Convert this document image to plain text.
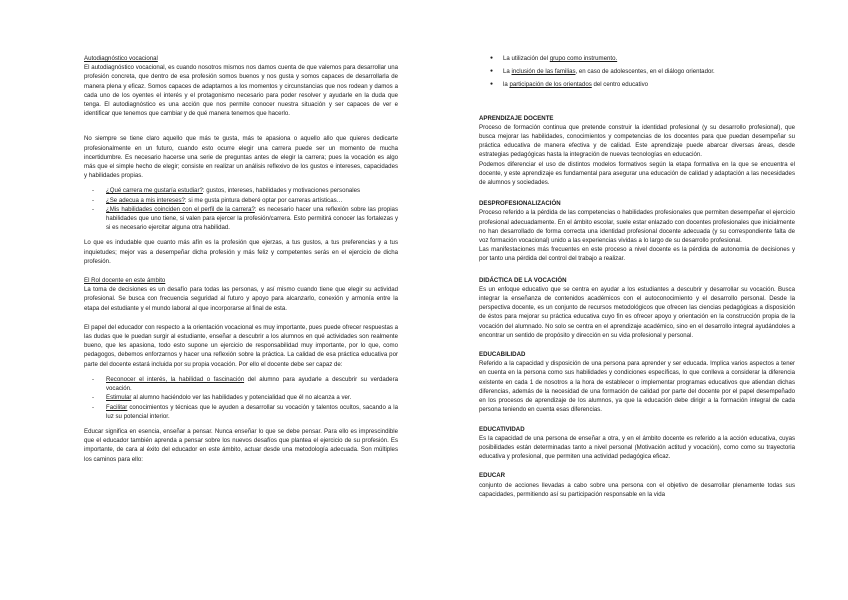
Autodiagnóstico vocacional

El autodiagnóstico vocacional, es cuando nosotros mismos nos damos cuenta de que valemos para desarrollar una profesión concreta, que dentro de esa profesión somos buenos y nos gusta y somos capaces de desarrollarla de manera plena y eficaz. Somos capaces de adaptarnos a los momentos y circunstancias que nos rodean y damos a cada uno de los oyentes el interés y el protagonismo necesario para poder resolver y ayudarle en la duda que tenga. El autodiagnóstico es una acción que nos permite conocer nuestra situación y ser capaces de ver e identificar que tenemos que cambiar y de qué manera tenemos que hacerlo.

No siempre se tiene claro aquello que más te gusta, más te apasiona o aquello allo que quieres dedicarte profesionalmente en un futuro, cuando esto ocurre elegir una carrera puede ser un momento de mucha incertidumbre. Es necesario hacerse una serie de preguntas antes de elegir la carrera; pues la vocación es algo más que el simple hecho de elegir; consiste en realizar un análisis reflexivo de los gustos e intereses, capacidades y habilidades propias.

- ¿Qué carrera me gustaría estudiar?: gustos, intereses, habilidades y motivaciones personales
- ¿Se adecua a mis intereses?: si me gusta pintura deberé optar por carreras artísticas…
- ¿Mis habilidades coinciden con el perfil de la carrera?: es necesario hacer una reflexión sobre las propias habilidades que uno tiene, si valen para ejercer la profesión/carrera. Esto permitirá conocer las fortalezas y si es necesario ejercitar alguna otra habilidad.

Lo que es indudable que cuanto más afín es la profesión que ejerzas, a tus gustos, a tus preferencias y a tus inquietudes; mejor vas a desempeñar dicha profesión y más feliz y competentes serás en el ejercicio de dicha profesión.

El Rol docente en este ámbito

La toma de decisiones es un desafío para todas las personas, y así mismo cuando tiene que elegir su actividad profesional. Se busca con frecuencia seguridad al futuro y apoyo para alcanzarlo, conexión y armonía entre la etapa del estudiante y el mundo laboral al que incorporarse al final de esta.

El papel del educador con respecto a la orientación vocacional es muy importante, pues puede ofrecer respuestas a las dudas que le puedan surgir al estudiante, enseñar a descubrir a los alumnos en qué actividades son realmente bueno, que les apasiona, todo esto supone un ejercicio de responsabilidad muy importante, por lo que, como pedagogos, debemos enforzarnos y hacer una reflexión sobre la práctica. La calidad de esa práctica educativa por parte del docente estará incluida por su propia vocación. Por ello el docente debe ser capaz de:

- Reconocer el interés, la habilidad o fascinación del alumno para ayudarle a descubrir su verdadera vocación.
- Estimular al alumno haciéndolo ver las habilidades y potencialidad que él no alcanza a ver.
- Facilitar conocimientos y técnicas que le ayuden a desarrollar su vocación y talentos ocultos, sacando a la luz su potencial interior.

Educar significa en esencia, enseñar a pensar. Nunca enseñar lo que se debe pensar. Para ello es imprescindible que el educador también aprenda a pensar sobre los nuevos desafíos que plantea el ejercicio de su profesión. Es importante, de cara al éxito del educador en este ámbito, actuar desde una metodología adecuada. Son múltiples los caminos para ello:

● La utilización del grupo como instrumento.
● La inclusión de las familias, en caso de adolescentes, en el diálogo orientador.
● la participación de los orientados del centro educativo

APRENDIZAJE DOCENTE

Proceso de formación continua que pretende construir la identidad profesional (y su desarrollo profesional), que busca mejorar las habilidades, conocimientos y competencias de los docentes para que puedan desempeñar su práctica educativa de manera efectiva y de calidad. Este aprendizaje puede abarcar diversas áreas, desde estrategias pedagógicas hasta la integración de nuevas tecnologías en educación.

Podemos diferenciar el uso de distintos modelos formativos según la etapa formativa en la que se encuentra el docente, y este aprendizaje es fundamental para asegurar una educación de calidad y adaptación a las necesidades de alumnos y sociedades.

DESPROFESIONALIZACIÓN

Proceso referido a la pérdida de las competencias o habilidades profesionales que permiten desempeñar el ejercicio profesional adecuadamente. En el ámbito escolar, suele estar enlazado con docentes profesionales que inicialmente no han desarrollado de forma correcta una identidad profesional docente adecuada (y su correspondiente falta de voz formación vocacional) unido a las experiencias vividas a lo largo de su desarrollo profesional.

Las manifestaciones más frecuentes en este proceso a nivel docente es la pérdida de autonomía de decisiones y por tanto una pérdida del control del trabajo a realizar.

DIDÁCTICA DE LA VOCACIÓN

Es un enfoque educativo que se centra en ayudar a los estudiantes a descubrir y desarrollar su vocación. Busca integrar la enseñanza de contenidos académicos con el autoconocimiento y el desarrollo personal. Desde la perspectiva docente, es un conjunto de recursos metodológicos que ofrecen las ciencias pedagógicas a disposición de éstos para mejorar su práctica educativa cuyo fin es ofrecer apoyo y orientación en la construcción propia de la vocación del alumnado. No solo se centra en el aprendizaje académico, sino en el desarrollo integral ayudándoles a encontrar un sentido de propósito y dirección en su vida profesional y personal.

EDUCABILIDAD

Referido a la capacidad y disposición de una persona para aprender y ser educada. Implica varios aspectos a tener en cuenta en la persona como sus habilidades y condiciones específicas, lo que conlleva a considerar la diferencia existente en cada 1 de nosotros a la hora de establecer o implementar programas educativos que atiendan dichas diferencias, además de la necesidad de una formación de calidad por parte del docente por el papel desempeñado en los procesos de aprendizaje de los alumnos, ya que la educación debe dirigir a la formación integral de cada persona teniendo en cuenta esas diferencias.

EDUCATIVIDAD

Es la capacidad de una persona de enseñar a otra, y en el ámbito docente es referido a la acción educativa, cuyas posibilidades están determinadas tanto a nivel personal (Motivación actitud y vocación), como como su trayectoria educativa y profesional, que permiten una actividad pedagógica eficaz.

EDUCAR

conjunto de acciones llevadas a cabo sobre una persona con el objetivo de desarrollar plenamente todas sus capacidades, permitiendo así su participación responsable en la vida
